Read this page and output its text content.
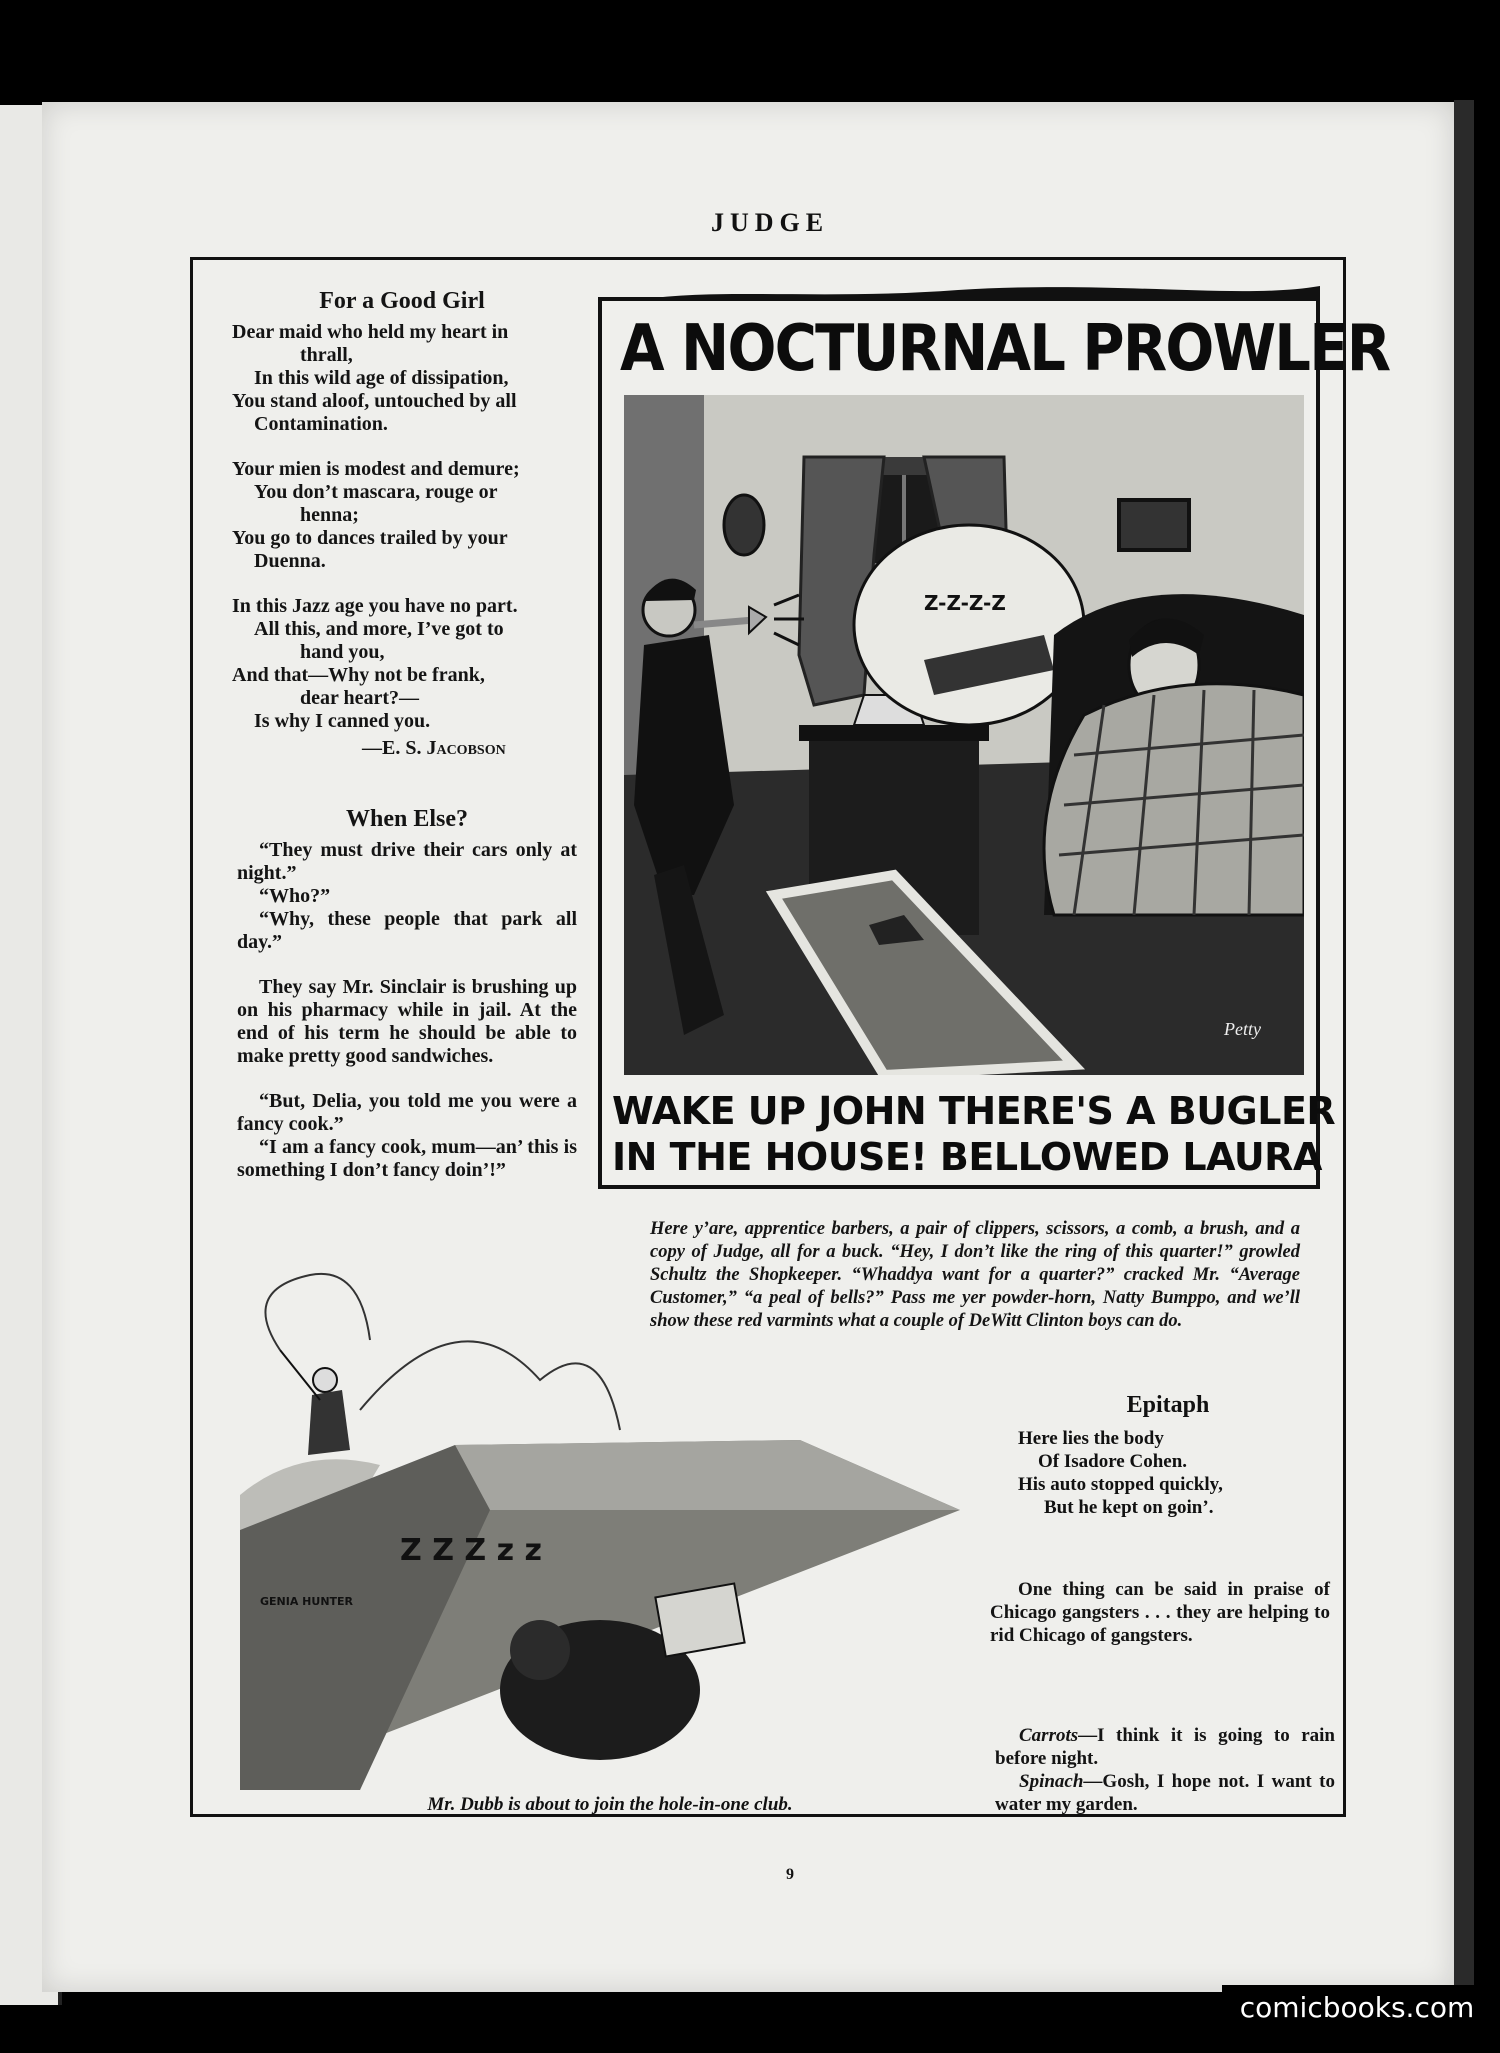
JUDGE
For a Good Girl
Dear maid who held my heart in
thrall,
In this wild age of dissipation,
You stand aloof, untouched by all
Contamination.
Your mien is modest and demure;
You don’t mascara, rouge or
henna;
You go to dances trailed by your
Duenna.
In this Jazz age you have no part.
All this, and more, I’ve got to
hand you,
And that—Why not be frank,
dear heart?—
Is why I canned you.
—E. S. Jacobson
When Else?

“They must drive their cars only at night.”

“Who?”

“Why, these people that park all day.”

They say Mr. Sinclair is brushing up on his pharmacy while in jail. At the end of his term he should be able to make pretty good sandwiches.

“But, Delia, you told me you were a fancy cook.”

“I am a fancy cook, mum—an’ this is something I don’t fancy doin’!”

A NOCTURNAL PROWLER
Z-Z-Z-Z
Petty
WAKE UP JOHN THERE'S A BUGLER
IN THE HOUSE! BELLOWED LAURA
Here y’are, apprentice barbers, a pair of clippers, scissors, a comb, a brush, and a copy of Judge, all for a buck. “Hey, I don’t like the ring of this quarter!” growled Schultz the Shopkeeper. “Whaddya want for a quarter?” cracked Mr. “Average Customer,” “a peal of bells?” Pass me yer powder-horn, Natty Bumppo, and we’ll show these red varmints what a couple of DeWitt Clinton boys can do.
Z Z Z z z
GENIA HUNTER
Mr. Dubb is about to join the hole-in-one club.
Epitaph
Here lies the body
Of Isadore Cohen.
His auto stopped quickly,
But he kept on goin’.

One thing can be said in praise of Chicago gangsters . . . they are helping to rid Chicago of gangsters.

Carrots—I think it is going to rain before night.

Spinach—Gosh, I hope not. I want to water my garden.

9
comicbooks.com
